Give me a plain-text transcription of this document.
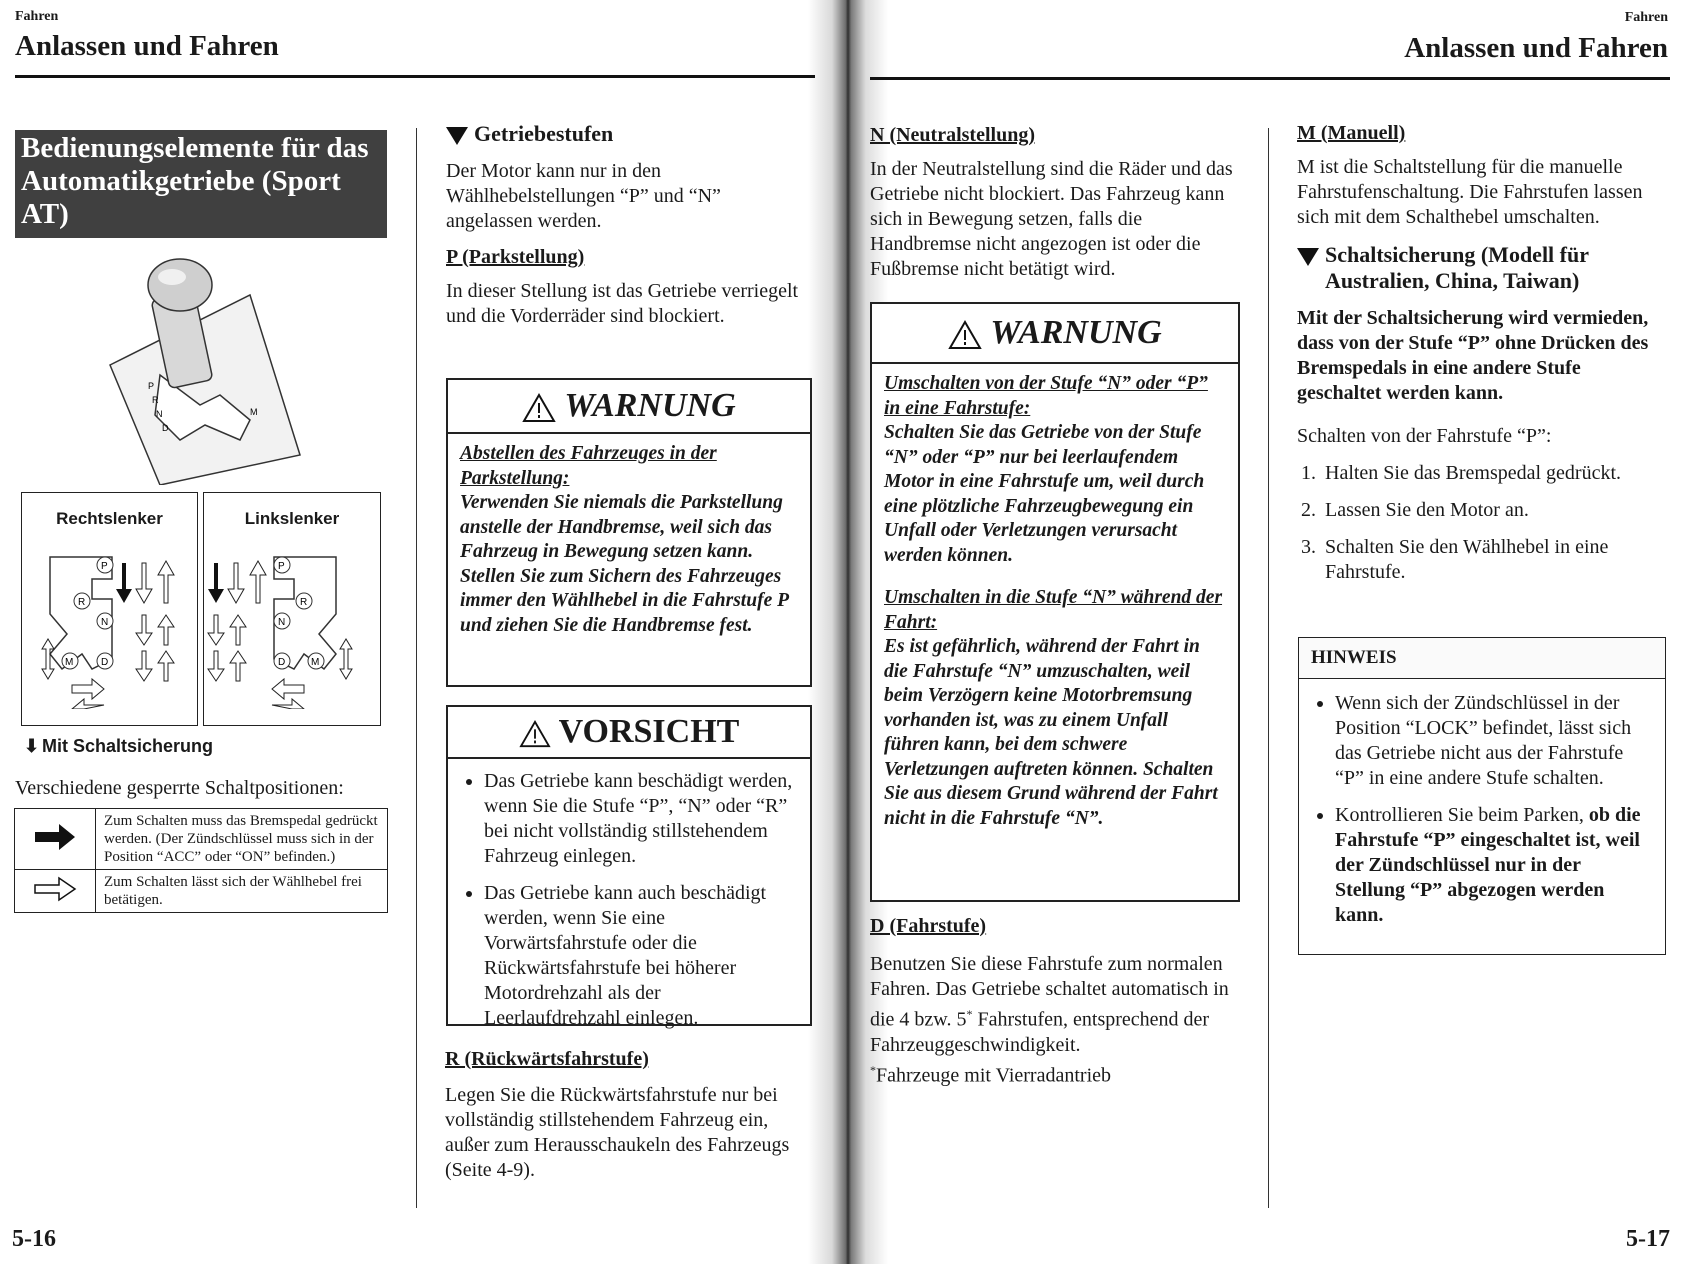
Fahren
Anlassen und Fahren
Fahren
Anlassen und Fahren
Bedienungselemente für das Automatikgetriebe (Sport AT)
P
R
N
D
M
Rechtslenker
P
R
N
D
M
Linkslenker
P
R
N
D	M
⬇ Mit Schaltsicherung
Verschiedene gesperrte Schaltpositionen:
	Zum Schalten muss das Bremspedal gedrückt werden. (Der Zündschlüssel muss sich in der Position “ACC” oder “ON” befinden.)
	Zum Schalten lässt sich der Wählhebel frei betätigen.
5-16

Getriebestufen

Der Motor kann nur in den Wählhebelstellungen “P” und “N” angelassen werden.

P (Parkstellung)

In dieser Stellung ist das Getriebe verriegelt und die Vorderräder sind blockiert.

WARNUNG
Abstellen des Fahrzeuges in der Parkstellung:
Verwenden Sie niemals die Parkstellung anstelle der Handbremse, weil sich das Fahrzeug in Bewegung setzen kann. Stellen Sie zum Sichern des Fahrzeuges immer den Wählhebel in die Fahrstufe P und ziehen Sie die Handbremse fest.
VORSICHT
• Das Getriebe kann beschädigt werden, wenn Sie die Stufe “P”, “N” oder “R” bei nicht vollständig stillstehendem Fahrzeug einlegen.
• Das Getriebe kann auch beschädigt werden, wenn Sie eine Vorwärtsfahrstufe oder die Rückwärtsfahrstufe bei höherer Motordrehzahl als der Leerlaufdrehzahl einlegen.

R (Rückwärtsfahrstufe)

Legen Sie die Rückwärtsfahrstufe nur bei vollständig stillstehendem Fahrzeug ein, außer zum Herausschaukeln des Fahrzeugs (Seite 4-9).

N (Neutralstellung)

In der Neutralstellung sind die Räder und das Getriebe nicht blockiert. Das Fahrzeug kann sich in Bewegung setzen, falls die Handbremse nicht angezogen ist oder die Fußbremse nicht betätigt wird.

WARNUNG
Umschalten von der Stufe “N” oder “P” in eine Fahrstufe:
Schalten Sie das Getriebe von der Stufe “N” oder “P” nur bei leerlaufendem Motor in eine Fahrstufe um, weil durch eine plötzliche Fahrzeugbewegung ein Unfall oder Verletzungen verursacht werden können.
Umschalten in die Stufe “N” während der Fahrt:
Es ist gefährlich, während der Fahrt in die Fahrstufe “N” umzuschalten, weil beim Verzögern keine Motorbremsung vorhanden ist, was zu einem Unfall führen kann, bei dem schwere Verletzungen auftreten können. Schalten Sie aus diesem Grund während der Fahrt nicht in die Fahrstufe “N”.

D (Fahrstufe)

Benutzen Sie diese Fahrstufe zum normalen Fahren. Das Getriebe schaltet automatisch in die 4 bzw. 5* Fahrstufen, entsprechend der Fahrzeuggeschwindigkeit.

*Fahrzeuge mit Vierradantrieb

M (Manuell)

M ist die Schaltstellung für die manuelle Fahrstufenschaltung. Die Fahrstufen lassen sich mit dem Schalthebel umschalten.

Schaltsicherung (Modell für Australien, China, Taiwan)

Mit der Schaltsicherung wird vermieden, dass von der Stufe “P” ohne Drücken des Bremspedals in eine andere Stufe geschaltet werden kann.

Schalten von der Fahrstufe “P”:

1. Halten Sie das Bremspedal gedrückt.
2. Lassen Sie den Motor an.
3. Schalten Sie den Wählhebel in eine Fahrstufe.
HINWEIS
• Wenn sich der Zündschlüssel in der Position “LOCK” befindet, lässt sich das Getriebe nicht aus der Fahrstufe “P” in eine andere Stufe schalten.
• Kontrollieren Sie beim Parken, ob die Fahrstufe “P” eingeschaltet ist, weil der Zündschlüssel nur in der Stellung “P” abgezogen werden kann.
5-17
